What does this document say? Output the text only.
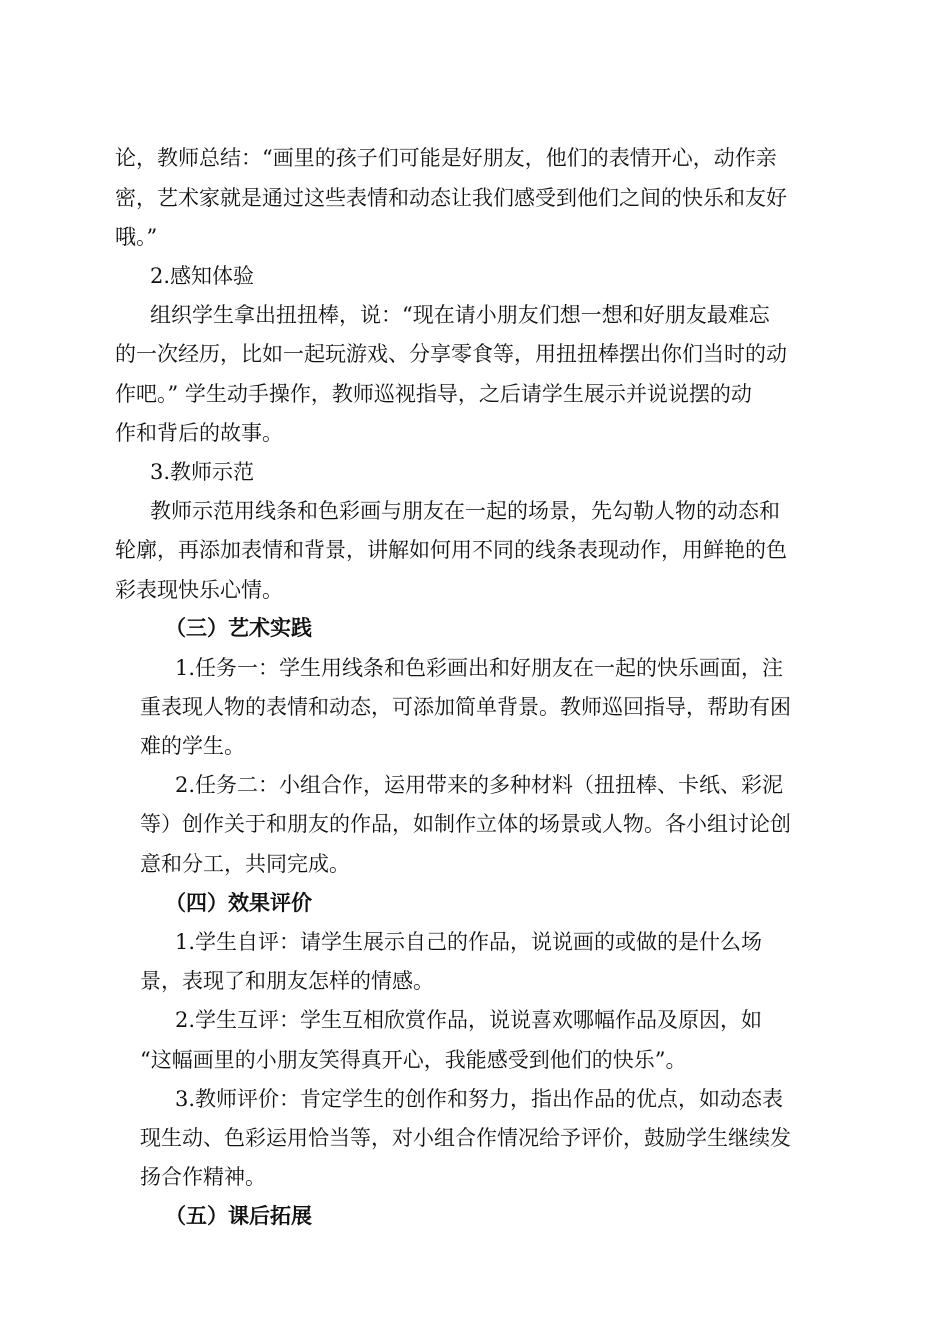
论，教师总结：“画里的孩子们可能是好朋友，他们的表情开心，动作亲

密，艺术家就是通过这些表情和动态让我们感受到他们之间的快乐和友好

哦。”

2.感知体验

组织学生拿出扭扭棒，说：“现在请小朋友们想一想和好朋友最难忘

的一次经历，比如一起玩游戏、分享零食等，用扭扭棒摆出你们当时的动

作吧。” 学生动手操作，教师巡视指导，之后请学生展示并说说摆的动

作和背后的故事。

3.教师示范

教师示范用线条和色彩画与朋友在一起的场景，先勾勒人物的动态和

轮廓，再添加表情和背景，讲解如何用不同的线条表现动作，用鲜艳的色

彩表现快乐心情。

（三）艺术实践

1.任务一：学生用线条和色彩画出和好朋友在一起的快乐画面，注

重表现人物的表情和动态，可添加简单背景。教师巡回指导，帮助有困

难的学生。

2.任务二：小组合作，运用带来的多种材料（扭扭棒、卡纸、彩泥

等）创作关于和朋友的作品，如制作立体的场景或人物。各小组讨论创

意和分工，共同完成。

（四）效果评价

1.学生自评：请学生展示自己的作品，说说画的或做的是什么场

景，表现了和朋友怎样的情感。

2.学生互评：学生互相欣赏作品，说说喜欢哪幅作品及原因，如

“这幅画里的小朋友笑得真开心，我能感受到他们的快乐”。

3.教师评价：肯定学生的创作和努力，指出作品的优点，如动态表

现生动、色彩运用恰当等，对小组合作情况给予评价，鼓励学生继续发

扬合作精神。

（五）课后拓展
